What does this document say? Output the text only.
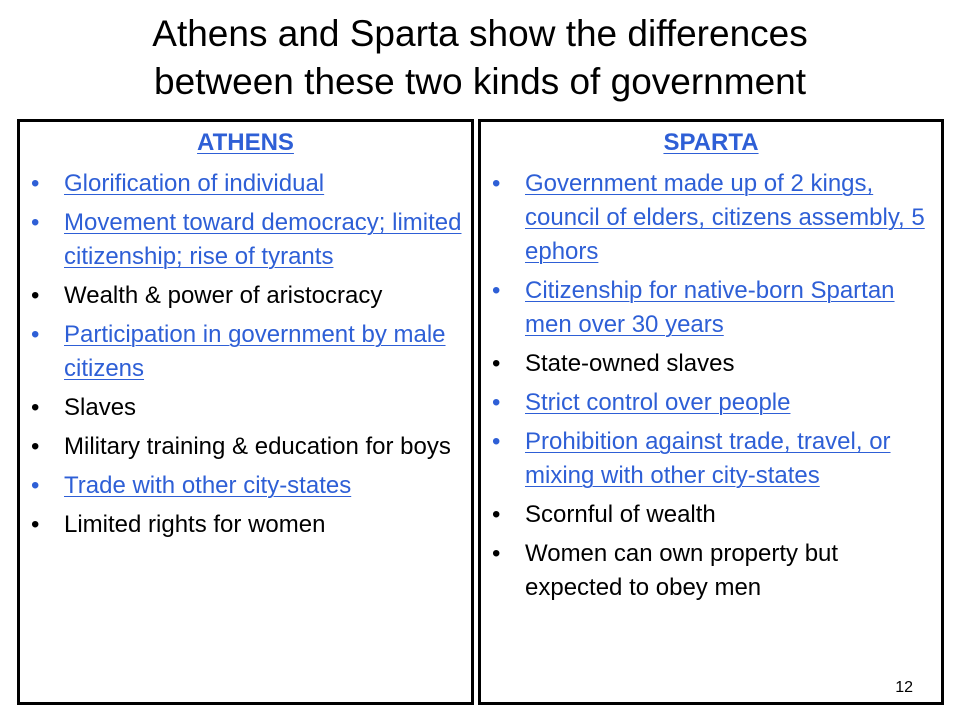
Athens and Sparta show the differences
between these two kinds of government
ATHENS
• Glorification of individual
• Movement toward democracy; limited citizenship; rise of tyrants
• Wealth & power of aristocracy
• Participation in government by male citizens
• Slaves
• Military training & education for boys
• Trade with other city-states
• Limited rights for women
SPARTA
• Government made up of 2 kings, council of elders, citizens assembly, 5 ephors
• Citizenship for native-born Spartan men over 30 years
• State-owned slaves
• Strict control over people
• Prohibition against trade, travel, or mixing with other city-states
• Scornful of wealth
• Women can own property but expected to obey men
12
